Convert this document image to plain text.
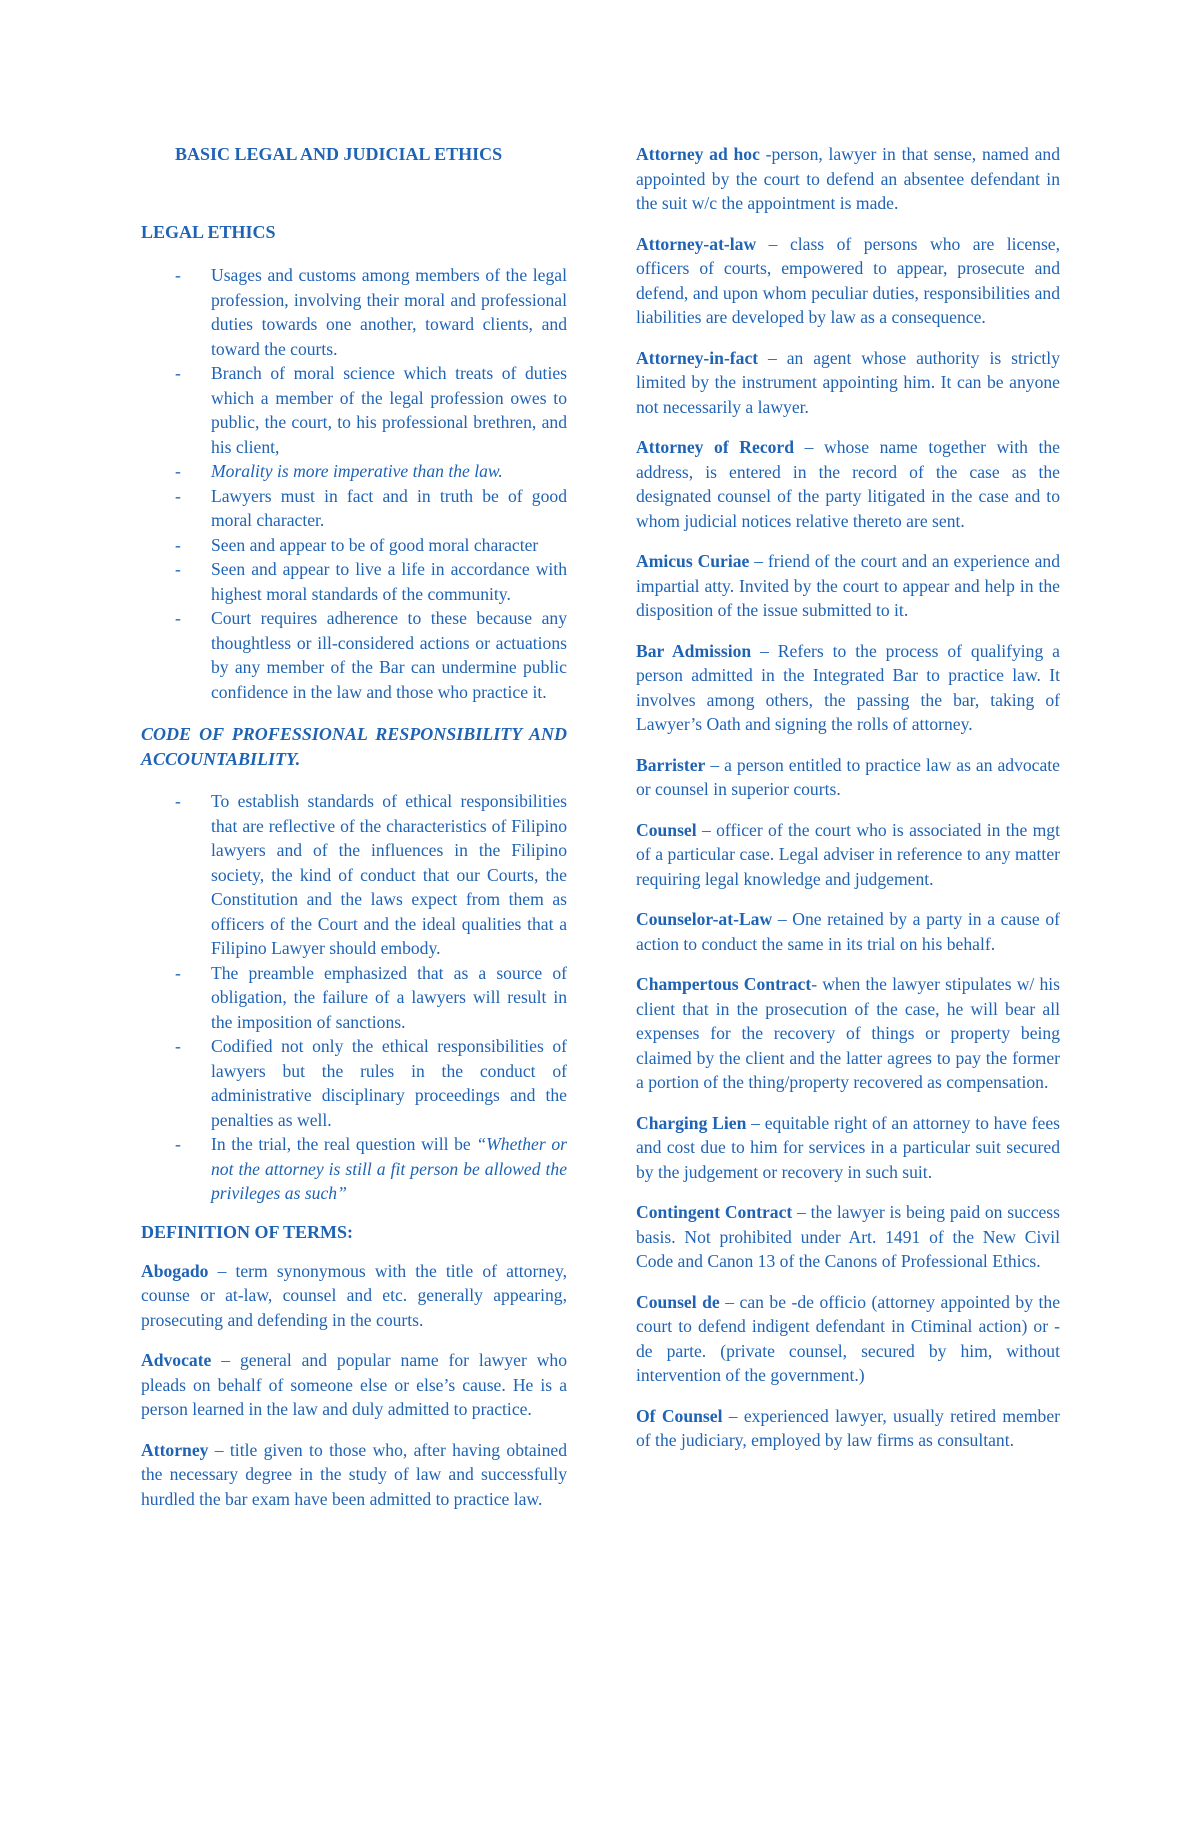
BASIC LEGAL AND JUDICIAL ETHICS
LEGAL ETHICS
- Usages and customs among members of the legal profession, involving their moral and professional duties towards one another, toward clients, and toward the courts.
- Branch of moral science which treats of duties which a member of the legal profession owes to public, the court, to his professional brethren, and his client,
- Morality is more imperative than the law.
- Lawyers must in fact and in truth be of good moral character.
- Seen and appear to be of good moral character
- Seen and appear to live a life in accordance with highest moral standards of the community.
- Court requires adherence to these because any thoughtless or ill-considered actions or actuations by any member of the Bar can undermine public confidence in the law and those who practice it.
CODE OF PROFESSIONAL RESPONSIBILITY AND ACCOUNTABILITY.
- To establish standards of ethical responsibilities that are reflective of the characteristics of Filipino lawyers and of the influences in the Filipino society, the kind of conduct that our Courts, the Constitution and the laws expect from them as officers of the Court and the ideal qualities that a Filipino Lawyer should embody.
- The preamble emphasized that as a source of obligation, the failure of a lawyers will result in the imposition of sanctions.
- Codified not only the ethical responsibilities of lawyers but the rules in the conduct of administrative disciplinary proceedings and the penalties as well.
- In the trial, the real question will be “Whether or not the attorney is still a fit person be allowed the privileges as such”
DEFINITION OF TERMS:

Abogado – term synonymous with the title of attorney, counse or at-law, counsel and etc. generally appearing, prosecuting and defending in the courts.

Advocate – general and popular name for lawyer who pleads on behalf of someone else or else’s cause. He is a person learned in the law and duly admitted to practice.

Attorney – title given to those who, after having obtained the necessary degree in the study of law and successfully hurdled the bar exam have been admitted to practice law.

Attorney ad hoc -person, lawyer in that sense, named and appointed by the court to defend an absentee defendant in the suit w/c the appointment is made.

Attorney-at-law – class of persons who are license, officers of courts, empowered to appear, prosecute and defend, and upon whom peculiar duties, responsibilities and liabilities are developed by law as a consequence.

Attorney-in-fact – an agent whose authority is strictly limited by the instrument appointing him. It can be anyone not necessarily a lawyer.

Attorney of Record – whose name together with the address, is entered in the record of the case as the designated counsel of the party litigated in the case and to whom judicial notices relative thereto are sent.

Amicus Curiae – friend of the court and an experience and impartial atty. Invited by the court to appear and help in the disposition of the issue submitted to it.

Bar Admission – Refers to the process of qualifying a person admitted in the Integrated Bar to practice law. It involves among others, the passing the bar, taking of Lawyer’s Oath and signing the rolls of attorney.

Barrister – a person entitled to practice law as an advocate or counsel in superior courts.

Counsel – officer of the court who is associated in the mgt of a particular case. Legal adviser in reference to any matter requiring legal knowledge and judgement.

Counselor-at-Law – One retained by a party in a cause of action to conduct the same in its trial on his behalf.

Champertous Contract- when the lawyer stipulates w/ his client that in the prosecution of the case, he will bear all expenses for the recovery of things or property being claimed by the client and the latter agrees to pay the former a portion of the thing/property recovered as compensation.

Charging Lien – equitable right of an attorney to have fees and cost due to him for services in a particular suit secured by the judgement or recovery in such suit.

Contingent Contract – the lawyer is being paid on success basis. Not prohibited under Art. 1491 of the New Civil Code and Canon 13 of the Canons of Professional Ethics.

Counsel de – can be -de officio (attorney appointed by the court to defend indigent defendant in Ctiminal action) or -de parte. (private counsel, secured by him, without intervention of the government.)

Of Counsel – experienced lawyer, usually retired member of the judiciary, employed by law firms as consultant.
